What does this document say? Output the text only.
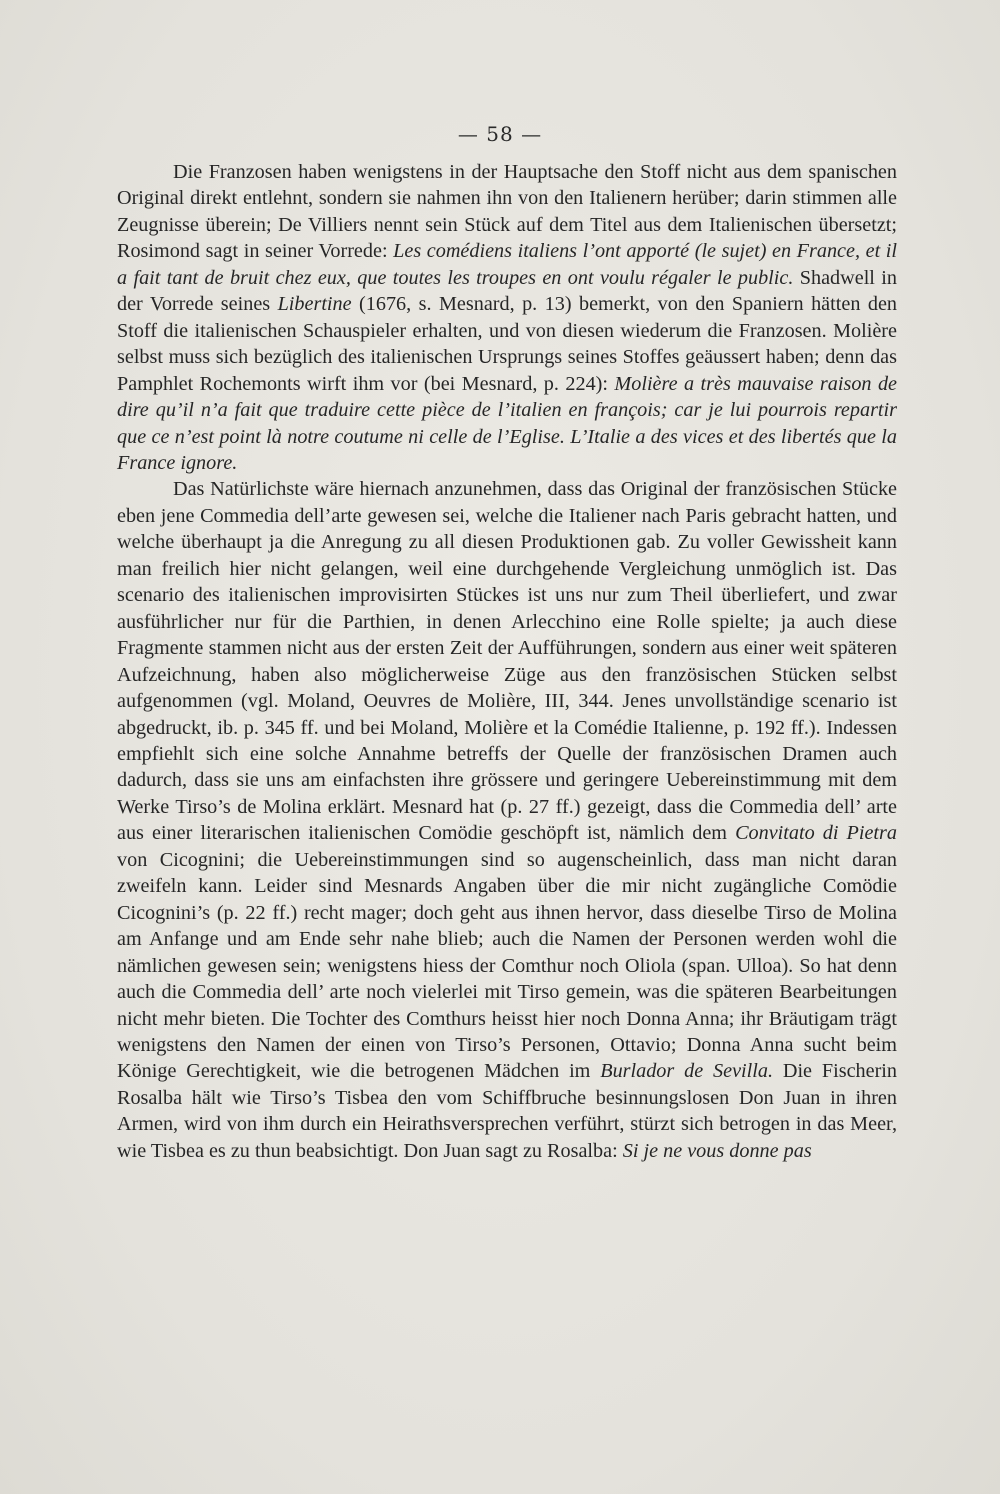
— 58 —

Die Franzosen haben wenigstens in der Hauptsache den Stoff nicht aus dem spanischen Original direkt entlehnt, sondern sie nahmen ihn von den Italienern herüber; darin stimmen alle Zeugnisse überein; De Villiers nennt sein Stück auf dem Titel aus dem Italienischen übersetzt; Rosimond sagt in seiner Vorrede: Les comédiens italiens l’ont apporté (le sujet) en France, et il a fait tant de bruit chez eux, que toutes les troupes en ont voulu régaler le public. Shadwell in der Vorrede seines Libertine (1676, s. Mesnard, p. 13) bemerkt, von den Spaniern hätten den Stoff die italienischen Schauspieler erhalten, und von diesen wiederum die Franzosen. Molière selbst muss sich bezüglich des italienischen Ursprungs seines Stoffes geäussert haben; denn das Pamphlet Rochemonts wirft ihm vor (bei Mesnard, p. 224): Molière a très mauvaise raison de dire qu’il n’a fait que traduire cette pièce de l’italien en françois; car je lui pourrois repartir que ce n’est point là notre coutume ni celle de l’Eglise. L’Italie a des vices et des libertés que la France ignore.

Das Natürlichste wäre hiernach anzunehmen, dass das Original der französischen Stücke eben jene Commedia dell’arte gewesen sei, welche die Italiener nach Paris gebracht hatten, und welche überhaupt ja die Anregung zu all diesen Produktionen gab. Zu voller Gewissheit kann man freilich hier nicht gelangen, weil eine durchgehende Vergleichung unmöglich ist. Das scenario des italienischen improvisirten Stückes ist uns nur zum Theil überliefert, und zwar ausführlicher nur für die Parthien, in denen Arlecchino eine Rolle spielte; ja auch diese Fragmente stammen nicht aus der ersten Zeit der Aufführungen, sondern aus einer weit späteren Aufzeichnung, haben also möglicherweise Züge aus den französischen Stücken selbst aufgenommen (vgl. Moland, Oeuvres de Molière, III, 344. Jenes unvollständige scenario ist abgedruckt, ib. p. 345 ff. und bei Moland, Molière et la Comédie Italienne, p. 192 ff.). Indessen empfiehlt sich eine solche Annahme betreffs der Quelle der französischen Dramen auch dadurch, dass sie uns am einfachsten ihre grössere und geringere Uebereinstimmung mit dem Werke Tirso’s de Molina erklärt. Mesnard hat (p. 27 ff.) gezeigt, dass die Commedia dell’ arte aus einer literarischen italienischen Comödie geschöpft ist, nämlich dem Convitato di Pietra von Cicognini; die Uebereinstimmungen sind so augenscheinlich, dass man nicht daran zweifeln kann. Leider sind Mesnards Angaben über die mir nicht zugängliche Comödie Cicognini’s (p. 22 ff.) recht mager; doch geht aus ihnen hervor, dass dieselbe Tirso de Molina am Anfange und am Ende sehr nahe blieb; auch die Namen der Personen werden wohl die nämlichen gewesen sein; wenigstens hiess der Comthur noch Oliola (span. Ulloa). So hat denn auch die Commedia dell’ arte noch vielerlei mit Tirso gemein, was die späteren Bearbeitungen nicht mehr bieten. Die Tochter des Comthurs heisst hier noch Donna Anna; ihr Bräutigam trägt wenigstens den Namen der einen von Tirso’s Personen, Ottavio; Donna Anna sucht beim Könige Gerechtigkeit, wie die betrogenen Mädchen im Burlador de Sevilla. Die Fischerin Rosalba hält wie Tirso’s Tisbea den vom Schiffbruche besinnungslosen Don Juan in ihren Armen, wird von ihm durch ein Heirathsversprechen verführt, stürzt sich betrogen in das Meer, wie Tisbea es zu thun beabsichtigt. Don Juan sagt zu Rosalba: Si je ne vous donne pas
